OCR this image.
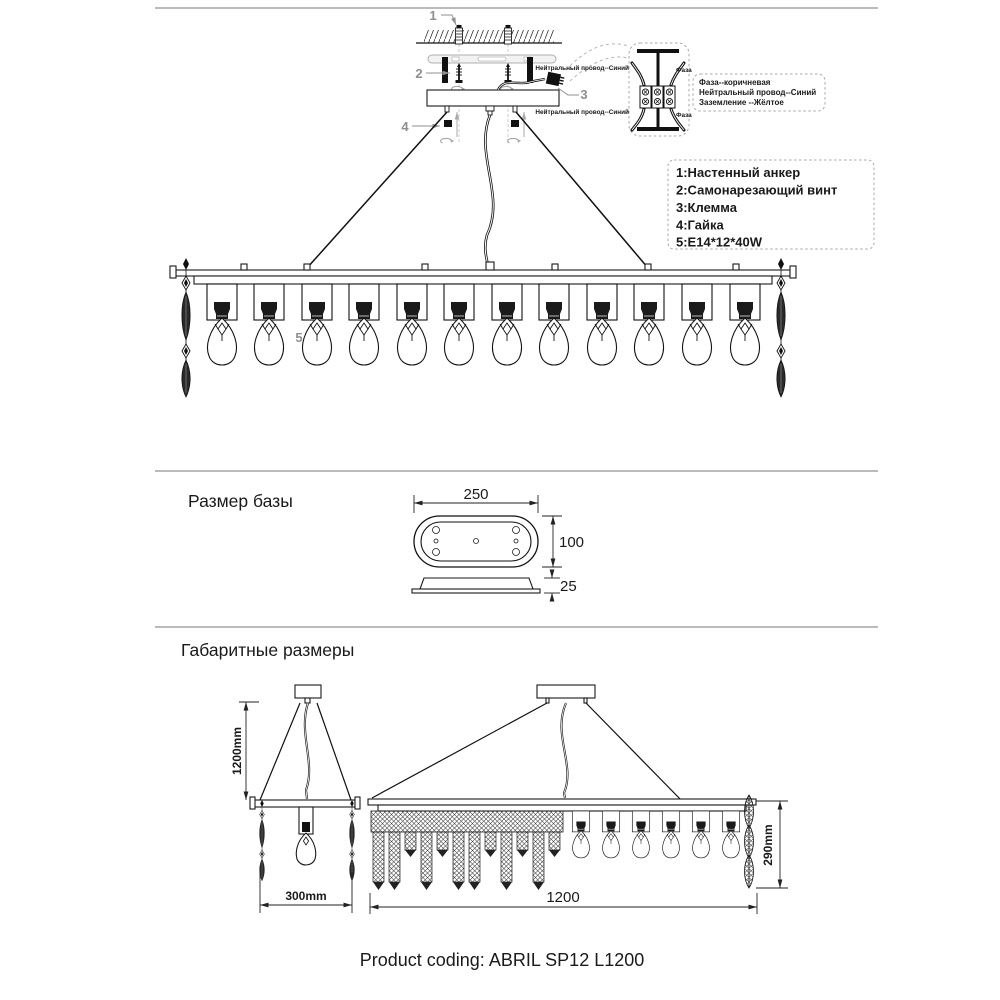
1
2
3
4
5
Нейтральный провод--Синий
Нейтральный провод--Синий
Фаза
Фаза
Фаза--коричневая
Нейтральный провод--Синий
Заземление --Жёлтое
1:Настенный анкер
2:Самонарезающий винт
3:Клемма
4:Гайка
5:E14*12*40W
Размер базы	250
100
25
Габаритные размеры
1200mm
300mm
290mm
1200
Product coding: ABRIL SP12 L1200
